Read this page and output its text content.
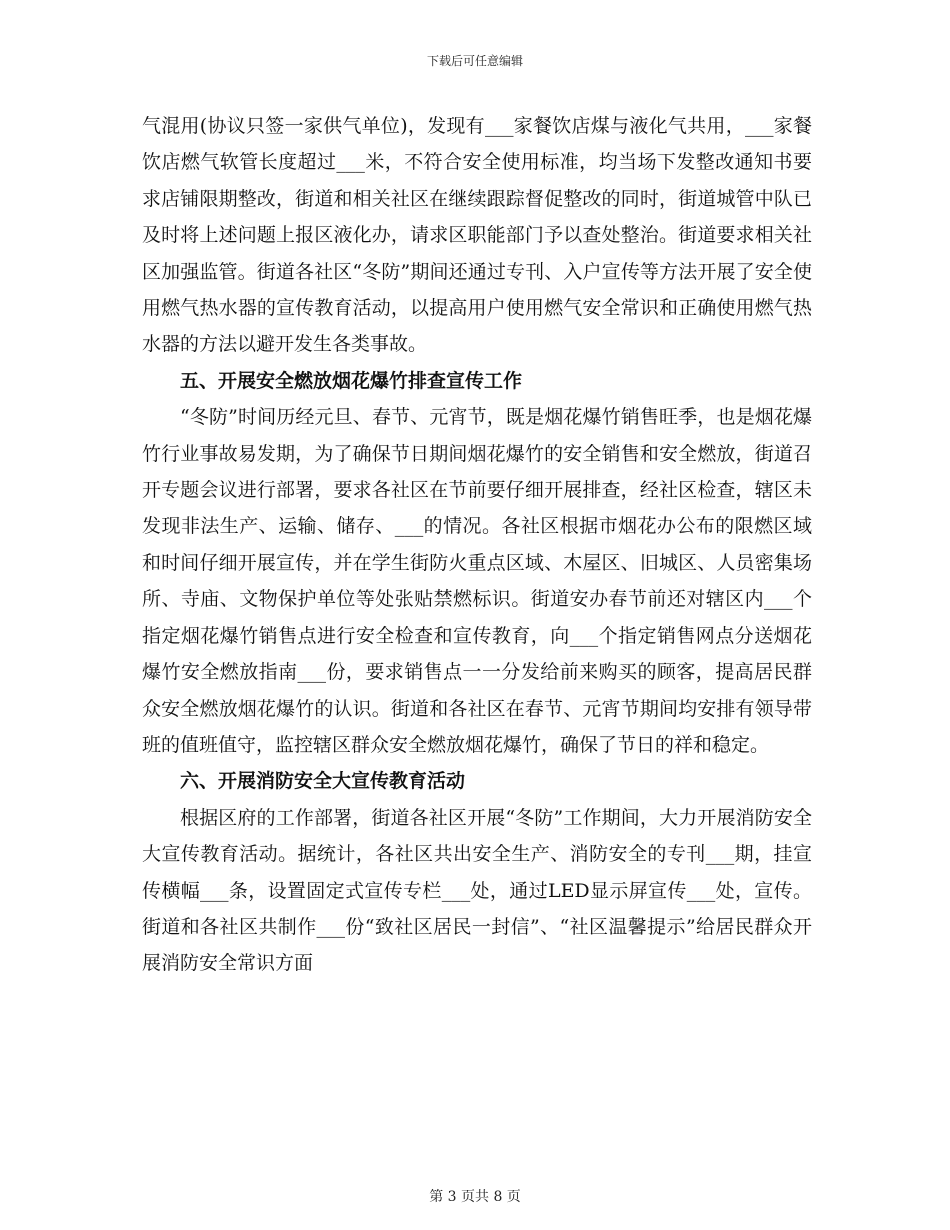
下载后可任意编辑

气混用(协议只签一家供气单位)，发现有___家餐饮店煤与液化气共用，___家餐饮店燃气软管长度超过___米，不符合安全使用标准，均当场下发整改通知书要求店铺限期整改，街道和相关社区在继续跟踪督促整改的同时，街道城管中队已及时将上述问题上报区液化办，请求区职能部门予以查处整治。街道要求相关社区加强监管。街道各社区“冬防”期间还通过专刊、入户宣传等方法开展了安全使用燃气热水器的宣传教育活动，以提高用户使用燃气安全常识和正确使用燃气热水器的方法以避开发生各类事故。

五、开展安全燃放烟花爆竹排查宣传工作

“冬防”时间历经元旦、春节、元宵节，既是烟花爆竹销售旺季，也是烟花爆竹行业事故易发期，为了确保节日期间烟花爆竹的安全销售和安全燃放，街道召开专题会议进行部署，要求各社区在节前要仔细开展排查，经社区检查，辖区未发现非法生产、运输、储存、___的情况。各社区根据市烟花办公布的限燃区域和时间仔细开展宣传，并在学生街防火重点区域、木屋区、旧城区、人员密集场所、寺庙、文物保护单位等处张贴禁燃标识。街道安办春节前还对辖区内___个指定烟花爆竹销售点进行安全检查和宣传教育，向___个指定销售网点分送烟花爆竹安全燃放指南___份，要求销售点一一分发给前来购买的顾客，提高居民群众安全燃放烟花爆竹的认识。街道和各社区在春节、元宵节期间均安排有领导带班的值班值守，监控辖区群众安全燃放烟花爆竹，确保了节日的祥和稳定。

六、开展消防安全大宣传教育活动

根据区府的工作部署，街道各社区开展“冬防”工作期间，大力开展消防安全大宣传教育活动。据统计，各社区共出安全生产、消防安全的专刊___期，挂宣传横幅___条，设置固定式宣传专栏___处，通过LED显示屏宣传___处，宣传。街道和各社区共制作___份“致社区居民一封信”、“社区温馨提示”给居民群众开展消防安全常识方面

第 3 页共 8 页
